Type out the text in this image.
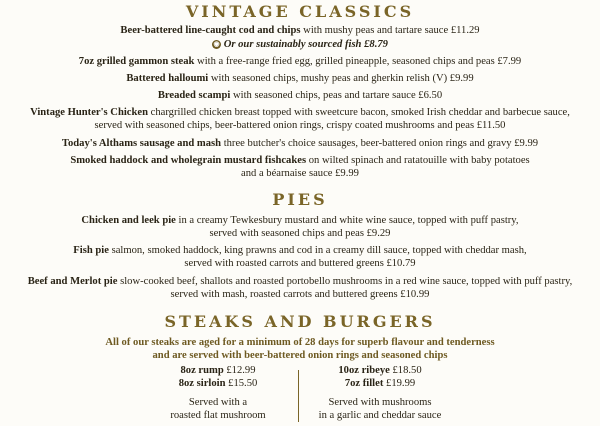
VINTAGE CLASSICS

Beer-battered line-caught cod and chips with mushy peas and tartare sauce £11.29

◉ Or our sustainably sourced fish £8.79

7oz grilled gammon steak with a free-range fried egg, grilled pineapple, seasoned chips and peas £7.99

Battered halloumi with seasoned chips, mushy peas and gherkin relish (V) £9.99

Breaded scampi with seasoned chips, peas and tartare sauce £6.50

Vintage Hunter's Chicken chargrilled chicken breast topped with sweetcure bacon, smoked Irish cheddar and barbecue sauce,

served with seasoned chips, beer-battered onion rings, crispy coated mushrooms and peas £11.50

Today's Althams sausage and mash three butcher's choice sausages, beer-battered onion rings and gravy £9.99

Smoked haddock and wholegrain mustard fishcakes on wilted spinach and ratatouille with baby potatoes

and a béarnaise sauce £9.99

PIES

Chicken and leek pie in a creamy Tewkesbury mustard and white wine sauce, topped with puff pastry,

served with seasoned chips and peas £9.29

Fish pie salmon, smoked haddock, king prawns and cod in a creamy dill sauce, topped with cheddar mash,

served with roasted carrots and buttered greens £10.79

Beef and Merlot pie slow-cooked beef, shallots and roasted portobello mushrooms in a red wine sauce, topped with puff pastry,

served with mash, roasted carrots and buttered greens £10.99

STEAKS AND BURGERS

All of our steaks are aged for a minimum of 28 days for superb flavour and tenderness

and are served with beer-battered onion rings and seasoned chips

8oz rump £12.99
8oz sirloin £15.50
Served with a
roasted flat mushroom
10oz ribeye £18.50
7oz fillet £19.99
Served with mushrooms
in a garlic and cheddar sauce
